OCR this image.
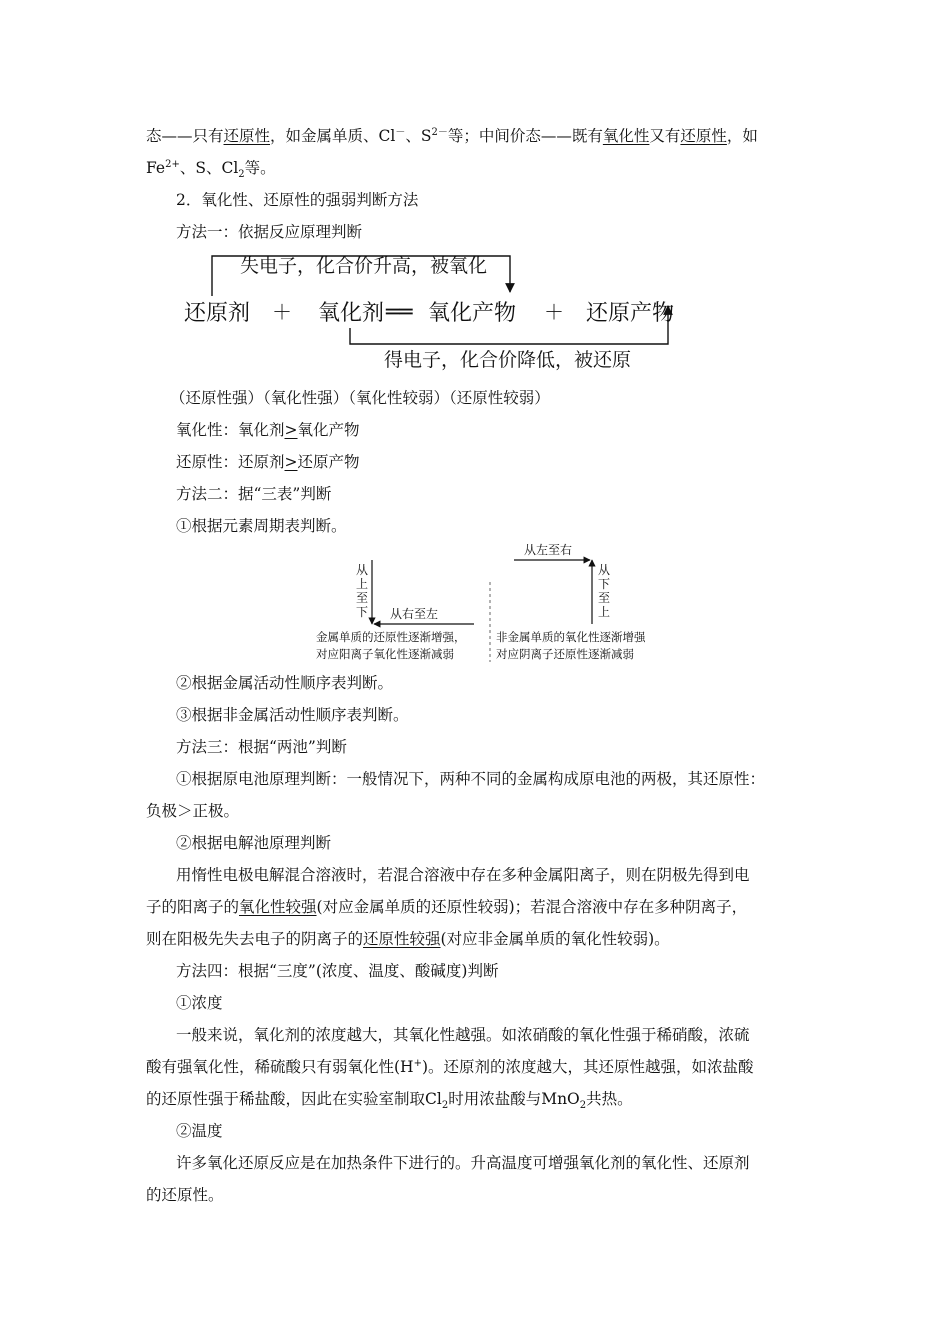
态——只有还原性，如金属单质、Cl－、$S^{2-}$等；中间价态——既有氧化性又有还原性，如
$Fe^{2+}$、S、$Cl_2$等。
2．氧化性、还原性的强弱判断方法
方法一：依据反应原理判断
失电子，化合价升高，被氧化
还原剂 ＋ 氧化剂 ══ 氧化产物 ＋ 还原产物
得电子，化合价降低，被还原
（还原性强）（氧化性强）（氧化性较弱）（还原性较弱）
氧化性：氧化剂>氧化产物
还原性：还原剂>还原产物
方法二：据“三表”判断
①根据元素周期表判断。
从上至下 从右至左
从左至右
从下至上
金属单质的还原性逐渐增强，
对应阳离子氧化性逐渐减弱
非金属单质的氧化性逐渐增强
对应阴离子还原性逐渐减弱
②根据金属活动性顺序表判断。
③根据非金属活动性顺序表判断。
方法三：根据“两池”判断
①根据原电池原理判断：一般情况下，两种不同的金属构成原电池的两极，其还原性：
负极＞正极。
②根据电解池原理判断
用惰性电极电解混合溶液时，若混合溶液中存在多种金属阳离子，则在阴极先得到电
子的阳离子的氧化性较强(对应金属单质的还原性较弱)；若混合溶液中存在多种阴离子，
则在阳极先失去电子的阴离子的还原性较强(对应非金属单质的氧化性较弱)。
方法四：根据“三度”(浓度、温度、酸碱度)判断
①浓度
一般来说，氧化剂的浓度越大，其氧化性越强。如浓硝酸的氧化性强于稀硝酸，浓硫
酸有强氧化性，稀硫酸只有弱氧化性(H+)。还原剂的浓度越大，其还原性越强，如浓盐酸
的还原性强于稀盐酸，因此在实验室制取$Cl_2$时用浓盐酸与MnO$_2$共热。
②温度
许多氧化还原反应是在加热条件下进行的。升高温度可增强氧化剂的氧化性、还原剂
的还原性。
